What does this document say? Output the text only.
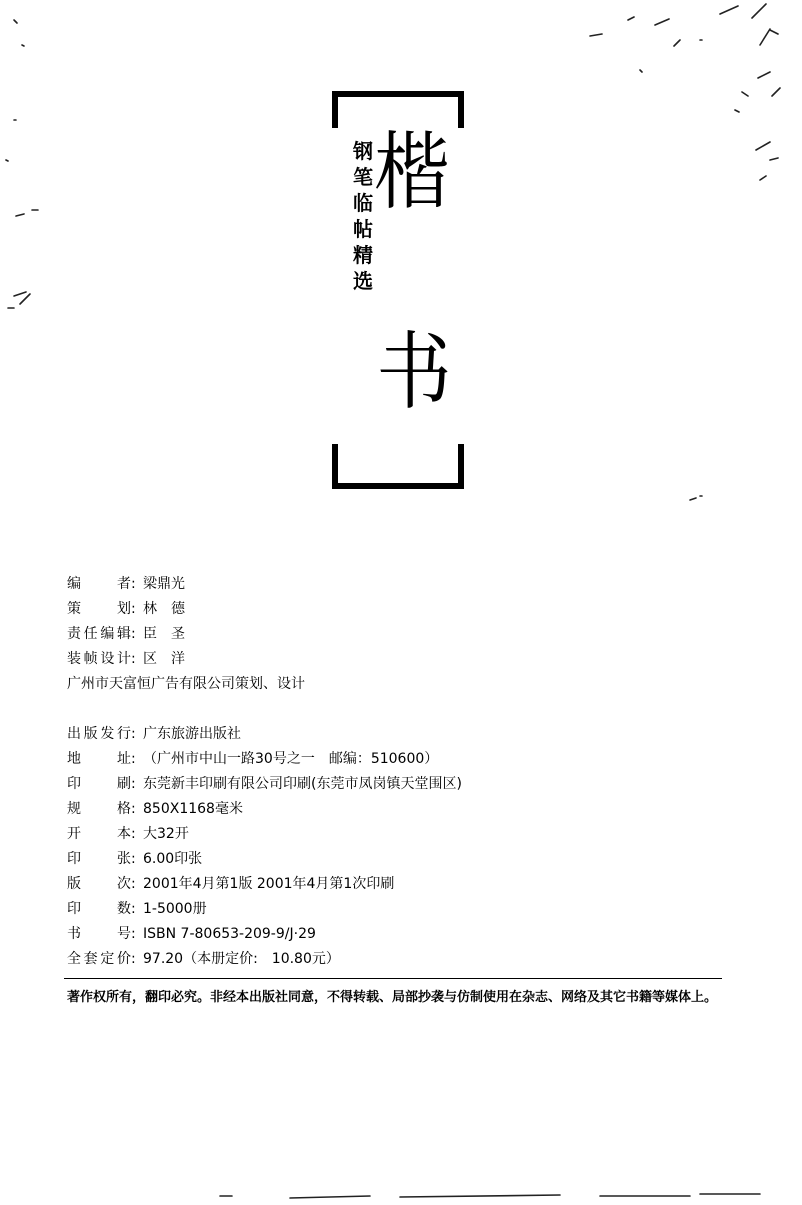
钢笔临帖精选
楷
书
编者 : 梁鼎光
策划 : 林　德
责任编辑 : 臣　圣
装帧设计 : 区　洋
广州市天富恒广告有限公司策划、设计
出版发行 : 广东旅游出版社
地址 : （广州市中山一路30号之一　邮编：510600）
印刷 : 东莞新丰印刷有限公司印刷(东莞市凤岗镇天堂围区)
规格 : 850X1168毫米
开本 : 大32开
印张 : 6.00印张
版次 : 2001年4月第1版 2001年4月第1次印刷
印数 : 1-5000册
书号 : ISBN 7-80653-209-9/J·29
全套定价 : 97.20（本册定价:　10.80元）
著作权所有，翻印必究。非经本出版社同意，不得转载、局部抄袭与仿制使用在杂志、网络及其它书籍等媒体上。
